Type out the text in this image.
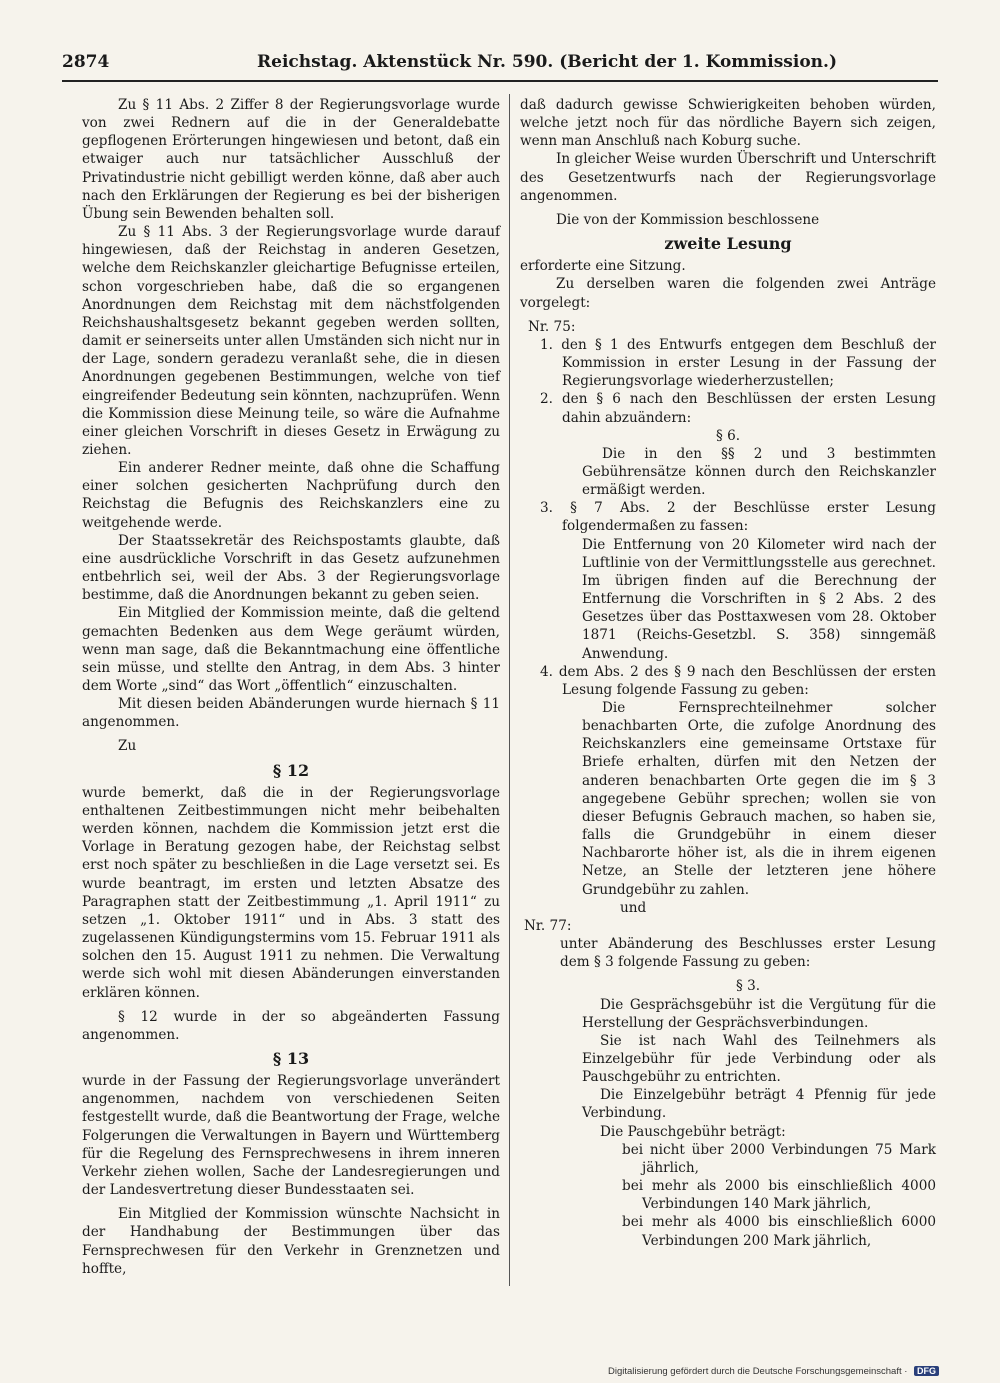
2874	Reichstag. Aktenstück Nr. 590. (Bericht der 1. Kommission.)

Zu § 11 Abs. 2 Ziffer 8 der Regierungsvorlage wurde von zwei Rednern auf die in der Generaldebatte gepflogenen Erörterungen hingewiesen und betont, daß ein etwaiger auch nur tatsächlicher Ausschluß der Privatindustrie nicht gebilligt werden könne, daß aber auch nach den Erklärungen der Regierung es bei der bisherigen Übung sein Bewenden behalten soll.

Zu § 11 Abs. 3 der Regierungsvorlage wurde darauf hingewiesen, daß der Reichstag in anderen Gesetzen, welche dem Reichskanzler gleichartige Befugnisse erteilen, schon vorgeschrieben habe, daß die so ergangenen Anordnungen dem Reichstag mit dem nächstfolgenden Reichshaushaltsgesetz bekannt gegeben werden sollten, damit er seinerseits unter allen Umständen sich nicht nur in der Lage, sondern geradezu veranlaßt sehe, die in diesen Anordnungen gegebenen Bestimmungen, welche von tief eingreifender Bedeutung sein könnten, nachzuprüfen. Wenn die Kommission diese Meinung teile, so wäre die Aufnahme einer gleichen Vorschrift in dieses Gesetz in Erwägung zu ziehen.

Ein anderer Redner meinte, daß ohne die Schaffung einer solchen gesicherten Nachprüfung durch den Reichstag die Befugnis des Reichskanzlers eine zu weitgehende werde.

Der Staatssekretär des Reichspostamts glaubte, daß eine ausdrückliche Vorschrift in das Gesetz aufzunehmen entbehrlich sei, weil der Abs. 3 der Regierungsvorlage bestimme, daß die Anordnungen bekannt zu geben seien.

Ein Mitglied der Kommission meinte, daß die geltend gemachten Bedenken aus dem Wege geräumt würden, wenn man sage, daß die Bekanntmachung eine öffentliche sein müsse, und stellte den Antrag, in dem Abs. 3 hinter dem Worte „sind“ das Wort „öffentlich“ einzuschalten.

Mit diesen beiden Abänderungen wurde hiernach § 11 angenommen.

Zu

§ 12

wurde bemerkt, daß die in der Regierungsvorlage enthaltenen Zeitbestimmungen nicht mehr beibehalten werden können, nachdem die Kommission jetzt erst die Vorlage in Beratung gezogen habe, der Reichstag selbst erst noch später zu beschließen in die Lage versetzt sei. Es wurde beantragt, im ersten und letzten Absatze des Paragraphen statt der Zeitbestimmung „1. April 1911“ zu setzen „1. Oktober 1911“ und in Abs. 3 statt des zugelassenen Kündigungstermins vom 15. Februar 1911 als solchen den 15. August 1911 zu nehmen. Die Verwaltung werde sich wohl mit diesen Abänderungen einverstanden erklären können.

§ 12 wurde in der so abgeänderten Fassung angenommen.

§ 13

wurde in der Fassung der Regierungsvorlage unverändert angenommen, nachdem von verschiedenen Seiten festgestellt wurde, daß die Beantwortung der Frage, welche Folgerungen die Verwaltungen in Bayern und Württemberg für die Regelung des Fernsprechwesens in ihrem inneren Verkehr ziehen wollen, Sache der Landesregierungen und der Landesvertretung dieser Bundesstaaten sei.

Ein Mitglied der Kommission wünschte Nachsicht in der Handhabung der Bestimmungen über das Fernsprechwesen für den Verkehr in Grenznetzen und hoffte,

daß dadurch gewisse Schwierigkeiten behoben würden, welche jetzt noch für das nördliche Bayern sich zeigen, wenn man Anschluß nach Koburg suche.

In gleicher Weise wurden Überschrift und Unterschrift des Gesetzentwurfs nach der Regierungsvorlage angenommen.

Die von der Kommission beschlossene

zweite Lesung

erforderte eine Sitzung.

Zu derselben waren die folgenden zwei Anträge vorgelegt:

Nr. 75:

1. den § 1 des Entwurfs entgegen dem Beschluß der Kommission in erster Lesung in der Fassung der Regierungsvorlage wiederherzustellen;

2. den § 6 nach den Beschlüssen der ersten Lesung dahin abzuändern:

§ 6.

Die in den §§ 2 und 3 bestimmten Gebührensätze können durch den Reichskanzler ermäßigt werden.

3. § 7 Abs. 2 der Beschlüsse erster Lesung folgendermaßen zu fassen:

Die Entfernung von 20 Kilometer wird nach der Luftlinie von der Vermittlungsstelle aus gerechnet. Im übrigen finden auf die Berechnung der Entfernung die Vorschriften in § 2 Abs. 2 des Gesetzes über das Posttaxwesen vom 28. Oktober 1871 (Reichs-Gesetzbl. S. 358) sinngemäß Anwendung.

4. dem Abs. 2 des § 9 nach den Beschlüssen der ersten Lesung folgende Fassung zu geben:

Die Fernsprechteilnehmer solcher benachbarten Orte, die zufolge Anordnung des Reichskanzlers eine gemeinsame Ortstaxe für Briefe erhalten, dürfen mit den Netzen der anderen benachbarten Orte gegen die im § 3 angegebene Gebühr sprechen; wollen sie von dieser Befugnis Gebrauch machen, so haben sie, falls die Grundgebühr in einem dieser Nachbarorte höher ist, als die in ihrem eigenen Netze, an Stelle der letzteren jene höhere Grundgebühr zu zahlen.

und

Nr. 77:

unter Abänderung des Beschlusses erster Lesung dem § 3 folgende Fassung zu geben:

§ 3.

Die Gesprächsgebühr ist die Vergütung für die Herstellung der Gesprächsverbindungen.

Sie ist nach Wahl des Teilnehmers als Einzelgebühr für jede Verbindung oder als Pauschgebühr zu entrichten.

Die Einzelgebühr beträgt 4 Pfennig für jede Verbindung.

Die Pauschgebühr beträgt:

bei nicht über 2000 Verbindungen 75 Mark jährlich,

bei mehr als 2000 bis einschließlich 4000 Verbindungen 140 Mark jährlich,

bei mehr als 4000 bis einschließlich 6000 Verbindungen 200 Mark jährlich,

Digitalisierung gefördert durch die Deutsche Forschungsgemeinschaft · DFG
